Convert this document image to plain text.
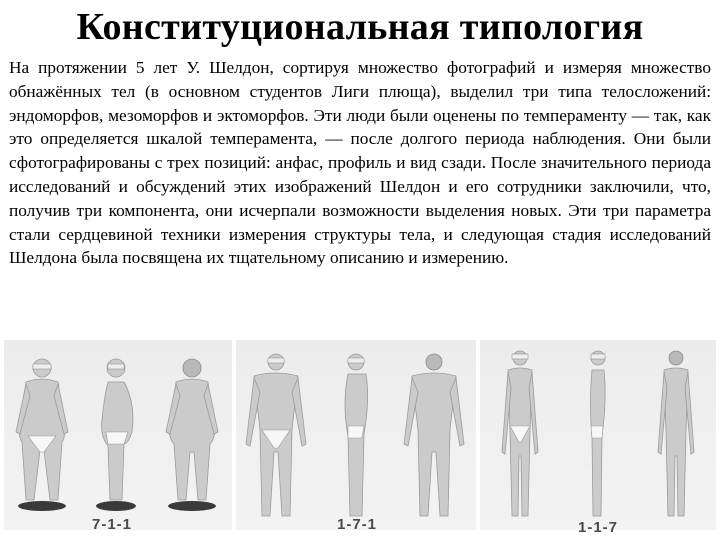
Конституциональная типология

На протяжении 5 лет У. Шелдон, сортируя множество фотографий и измеряя множество обнажённых тел (в основном студентов Лиги плюща), выделил три типа телосложений: эндоморфов, мезоморфов и эктоморфов. Эти люди были оценены по темпераменту — так, как это определяется шкалой темперамента, — после долгого периода наблюдения. Они были сфотографированы с трех позиций: анфас, профиль и вид сзади. После значительного периода исследований и обсуждений этих изображений Шелдон и его сотрудники заключили, что, получив три компонента, они исчерпали возможности выделения новых. Эти три параметра стали сердцевиной техники измерения структуры тела, и следующая стадия исследований Шелдона была посвящена их тщательному описанию и измерению.

7-1-1	1-7-1	1-1-7
